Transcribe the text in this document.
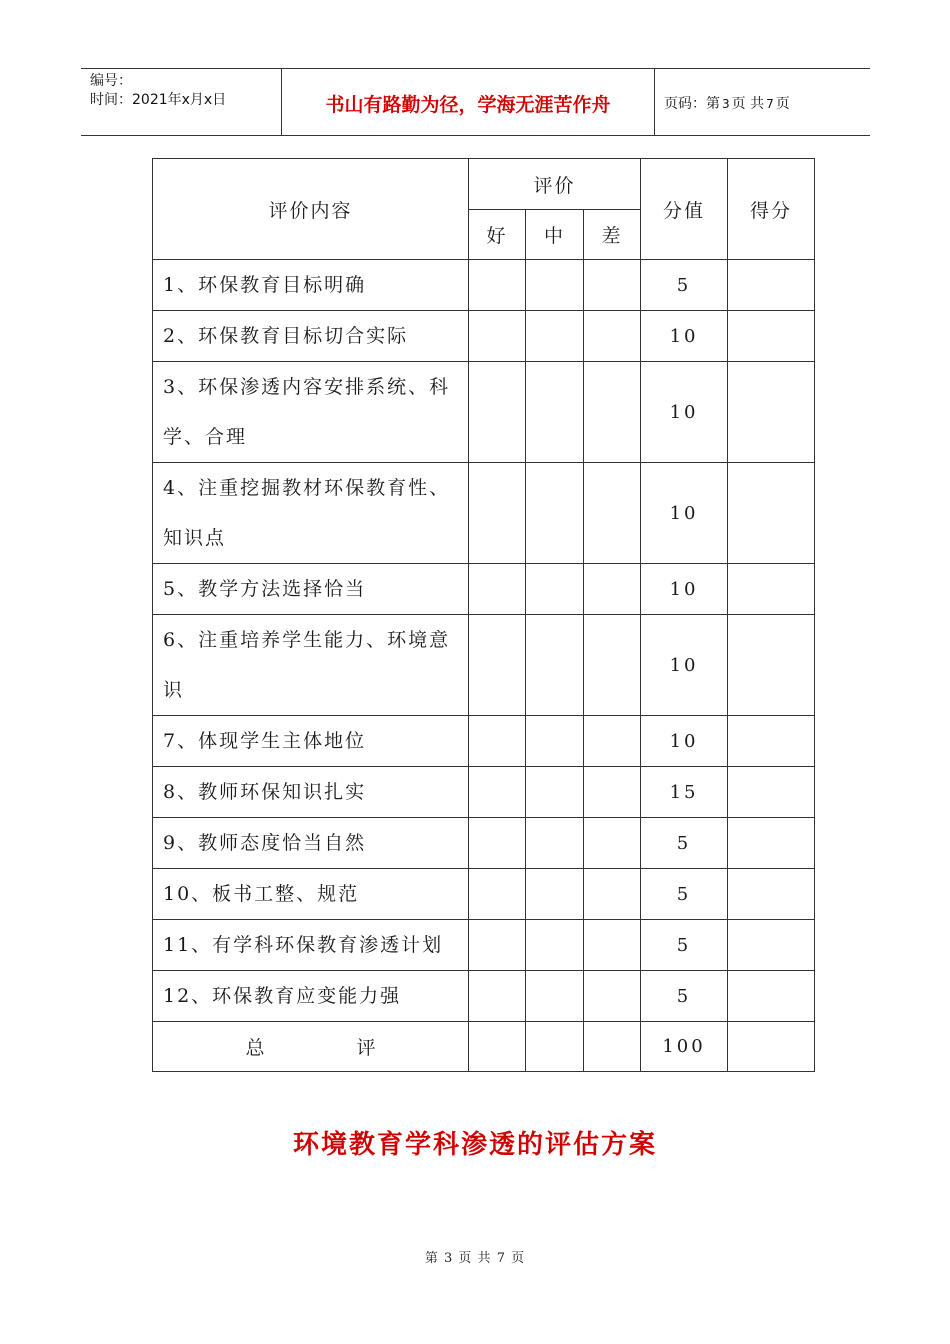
编号：
时间：2021年x月x日	书山有路勤为径，学海无涯苦作舟	页码：第 3 页 共 7 页
评价内容	评价			分值	得分
	好	中	差		
1、环保教育目标明确				5	
2、环保教育目标切合实际				10	
3、环保渗透内容安排系统、科学、合理				10	
4、注重挖掘教材环保教育性、知识点				10	
5、教学方法选择恰当				10	
6、注重培养学生能力、环境意识				10	
7、体现学生主体地位				10	
8、教师环保知识扎实				15	
9、教师态度恰当自然				5	
10、板书工整、规范				5	
11、有学科环保教育渗透计划				5	
12、环保教育应变能力强				5	
总 评				100	
环境教育学科渗透的评估方案
第 3 页 共 7 页
